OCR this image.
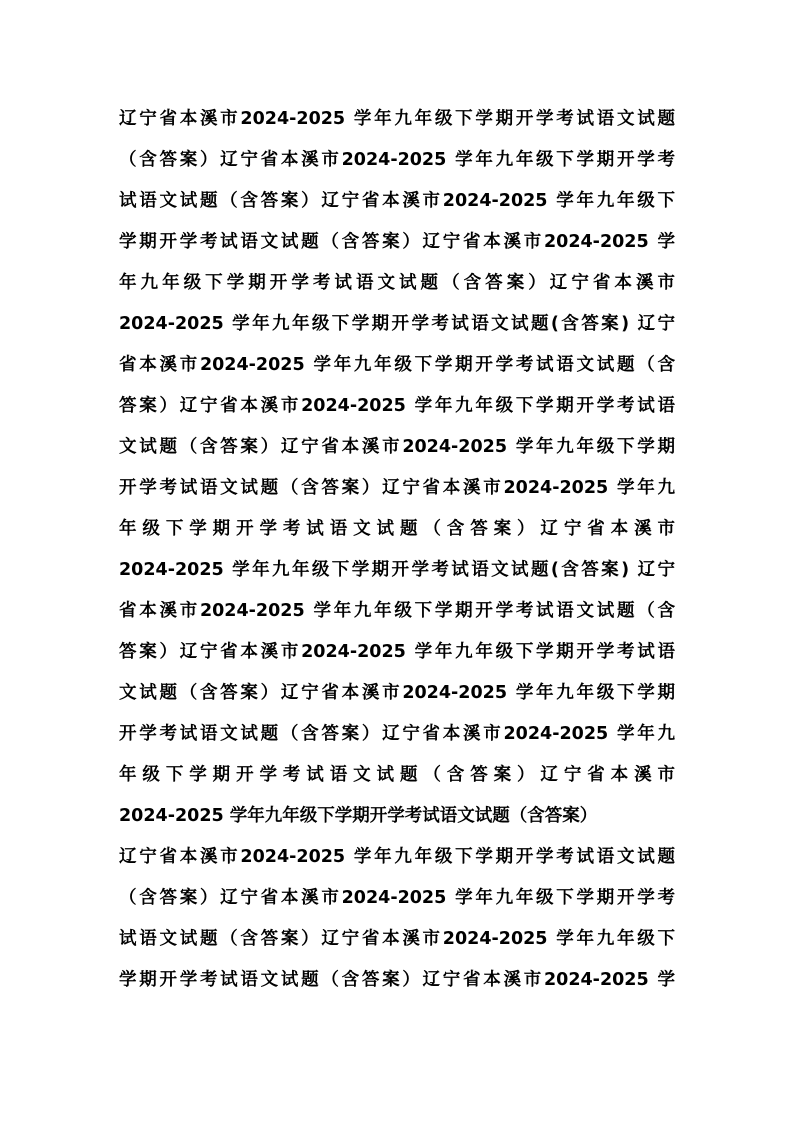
辽宁省本溪市2024-2025 学年九年级下学期开学考试语文试题
（含答案）辽宁省本溪市2024-2025 学年九年级下学期开学考
试语文试题（含答案）辽宁省本溪市2024-2025 学年九年级下
学期开学考试语文试题（含答案）辽宁省本溪市2024-2025 学
年九年级下学期开学考试语文试题（含答案）辽宁省本溪市
2024-2025 学年九年级下学期开学考试语文试题(含答案) 辽宁
省本溪市2024-2025 学年九年级下学期开学考试语文试题（含
答案）辽宁省本溪市2024-2025 学年九年级下学期开学考试语
文试题（含答案）辽宁省本溪市2024-2025 学年九年级下学期
开学考试语文试题（含答案）辽宁省本溪市2024-2025 学年九
年级下学期开学考试语文试题（含答案）辽宁省本溪市
2024-2025 学年九年级下学期开学考试语文试题(含答案) 辽宁
省本溪市2024-2025 学年九年级下学期开学考试语文试题（含
答案）辽宁省本溪市2024-2025 学年九年级下学期开学考试语
文试题（含答案）辽宁省本溪市2024-2025 学年九年级下学期
开学考试语文试题（含答案）辽宁省本溪市2024-2025 学年九
年级下学期开学考试语文试题（含答案）辽宁省本溪市
2024-2025 学年九年级下学期开学考试语文试题（含答案）
辽宁省本溪市2024-2025 学年九年级下学期开学考试语文试题
（含答案）辽宁省本溪市2024-2025 学年九年级下学期开学考
试语文试题（含答案）辽宁省本溪市2024-2025 学年九年级下
学期开学考试语文试题（含答案）辽宁省本溪市2024-2025 学
